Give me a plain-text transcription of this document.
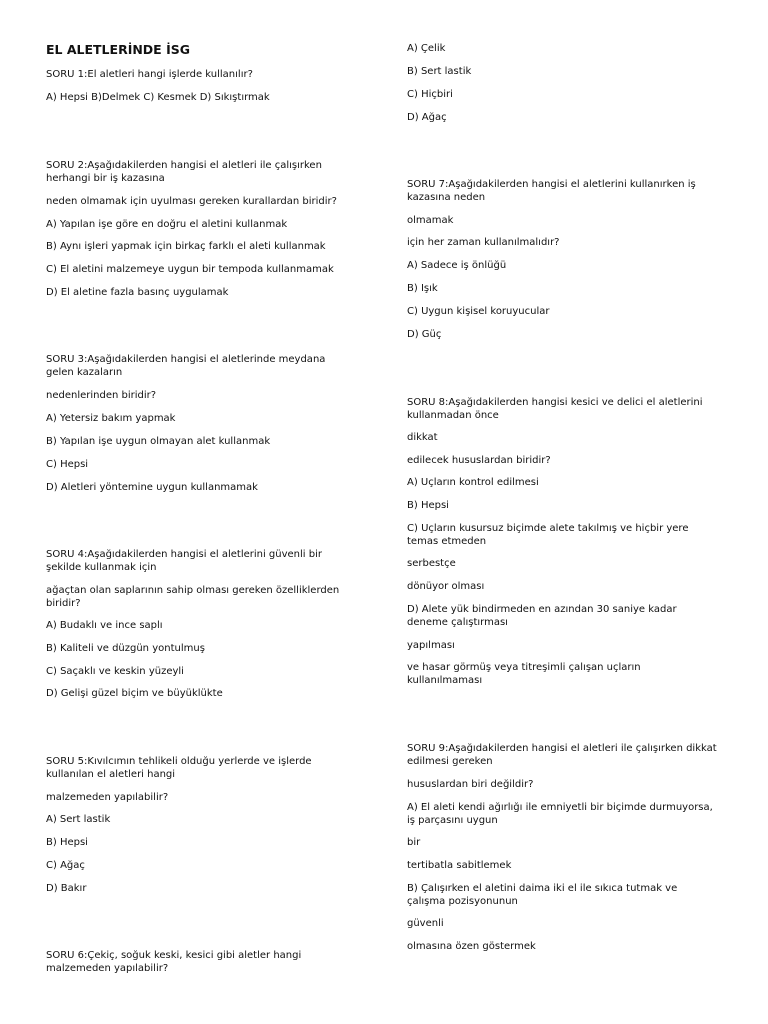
EL ALETLERİNDE İSG

SORU 1:El aletleri hangi işlerde kullanılır?

A) Hepsi B)Delmek C) Kesmek D) Sıkıştırmak

SORU 2:Aşağıdakilerden hangisi el aletleri ile çalışırken herhangi bir iş kazasına

neden olmamak için uyulması gereken kurallardan biridir?

A) Yapılan işe göre en doğru el aletini kullanmak

B) Aynı işleri yapmak için birkaç farklı el aleti kullanmak

C) El aletini malzemeye uygun bir tempoda kullanmamak

D) El aletine fazla basınç uygulamak

SORU 3:Aşağıdakilerden hangisi el aletlerinde meydana gelen kazaların

nedenlerinden biridir?

A) Yetersiz bakım yapmak

B) Yapılan işe uygun olmayan alet kullanmak

C) Hepsi

D) Aletleri yöntemine uygun kullanmamak

SORU 4:Aşağıdakilerden hangisi el aletlerini güvenli bir şekilde kullanmak için

ağaçtan olan saplarının sahip olması gereken özelliklerden biridir?

A) Budaklı ve ince saplı

B) Kaliteli ve düzgün yontulmuş

C) Saçaklı ve keskin yüzeyli

D) Gelişi güzel biçim ve büyüklükte

SORU 5:Kıvılcımın tehlikeli olduğu yerlerde ve işlerde kullanılan el aletleri hangi

malzemeden yapılabilir?

A) Sert lastik

B) Hepsi

C) Ağaç

D) Bakır

SORU 6:Çekiç, soğuk keski, kesici gibi aletler hangi malzemeden yapılabilir?

A) Çelik

B) Sert lastik

C) Hiçbiri

D) Ağaç

SORU 7:Aşağıdakilerden hangisi el aletlerini kullanırken iş kazasına neden

olmamak

için her zaman kullanılmalıdır?

A) Sadece iş önlüğü

B) Işık

C) Uygun kişisel koruyucular

D) Güç

SORU 8:Aşağıdakilerden hangisi kesici ve delici el aletlerini kullanmadan önce

dikkat

edilecek hususlardan biridir?

A) Uçların kontrol edilmesi

B) Hepsi

C) Uçların kusursuz biçimde alete takılmış ve hiçbir yere temas etmeden

serbestçe

dönüyor olması

D) Alete yük bindirmeden en azından 30 saniye kadar deneme çalıştırması

yapılması

ve hasar görmüş veya titreşimli çalışan uçların kullanılmaması

SORU 9:Aşağıdakilerden hangisi el aletleri ile çalışırken dikkat edilmesi gereken

hususlardan biri değildir?

A) El aleti kendi ağırlığı ile emniyetli bir biçimde durmuyorsa, iş parçasını uygun

bir

tertibatla sabitlemek

B) Çalışırken el aletini daima iki el ile sıkıca tutmak ve çalışma pozisyonunun

güvenli

olmasına özen göstermek
